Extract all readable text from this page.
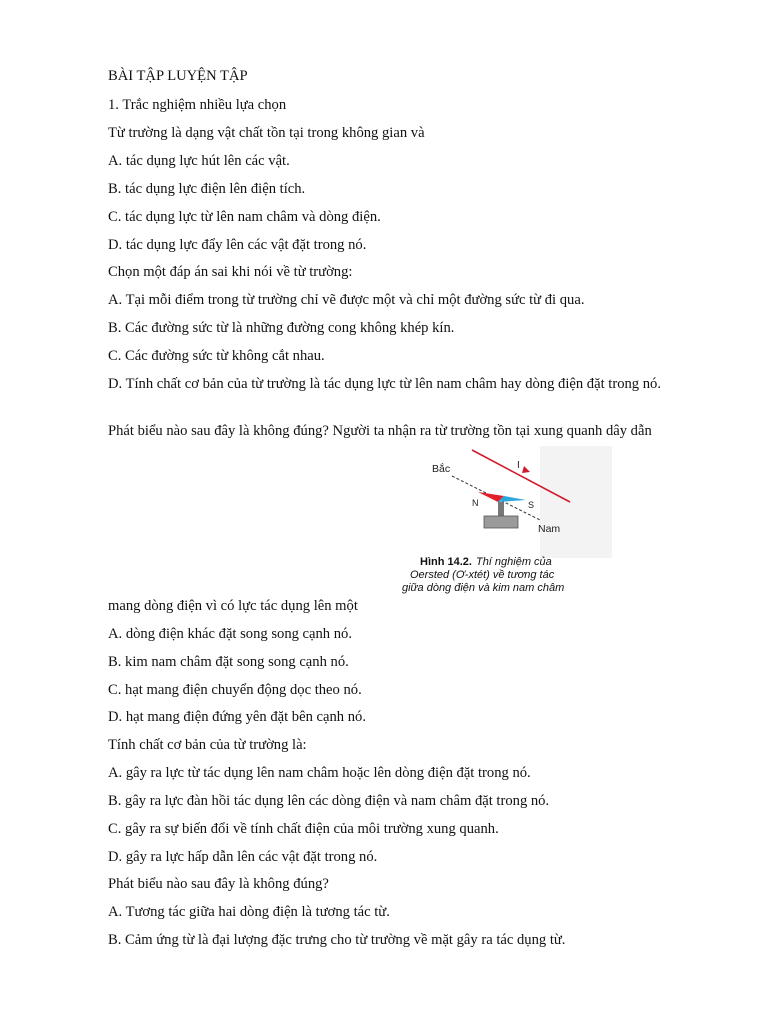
BÀI TẬP LUYỆN TẬP
1. Trắc nghiệm nhiều lựa chọn
Từ trường là dạng vật chất tồn tại trong không gian và
A. tác dụng lực hút lên các vật.
B. tác dụng lực điện lên điện tích.
C. tác dụng lực từ lên nam châm và dòng điện.
D. tác dụng lực đẩy lên các vật đặt trong nó.
Chọn một đáp án sai khi nói về từ trường:
A. Tại mỗi điểm trong từ trường chỉ vẽ được một và chỉ một đường sức từ đi qua.
B. Các đường sức từ là những đường cong không khép kín.
C. Các đường sức từ không cắt nhau.
D. Tính chất cơ bản của từ trường là tác dụng lực từ lên nam châm hay dòng điện đặt trong nó.
Phát biểu nào sau đây là không đúng? Người ta nhận ra từ trường tồn tại xung quanh dây dẫn
I
Bắc
Nam
N	S
Hình 14.2. Thí nghiệm của
Oersted (Ơ-xtét) về tương tác
giữa dòng điện và kim nam châm
mang dòng điện vì có lực tác dụng lên một
A. dòng điện khác đặt song song cạnh nó.
B. kim nam châm đặt song song cạnh nó.
C. hạt mang điện chuyển động dọc theo nó.
D. hạt mang điện đứng yên đặt bên cạnh nó.
Tính chất cơ bản của từ trường là:
A. gây ra lực từ tác dụng lên nam châm hoặc lên dòng điện đặt trong nó.
B. gây ra lực đàn hồi tác dụng lên các dòng điện và nam châm đặt trong nó.
C. gây ra sự biến đổi về tính chất điện của môi trường xung quanh.
D. gây ra lực hấp dẫn lên các vật đặt trong nó.
Phát biểu nào sau đây là không đúng?
A. Tương tác giữa hai dòng điện là tương tác từ.
B. Cảm ứng từ là đại lượng đặc trưng cho từ trường về mặt gây ra tác dụng từ.
